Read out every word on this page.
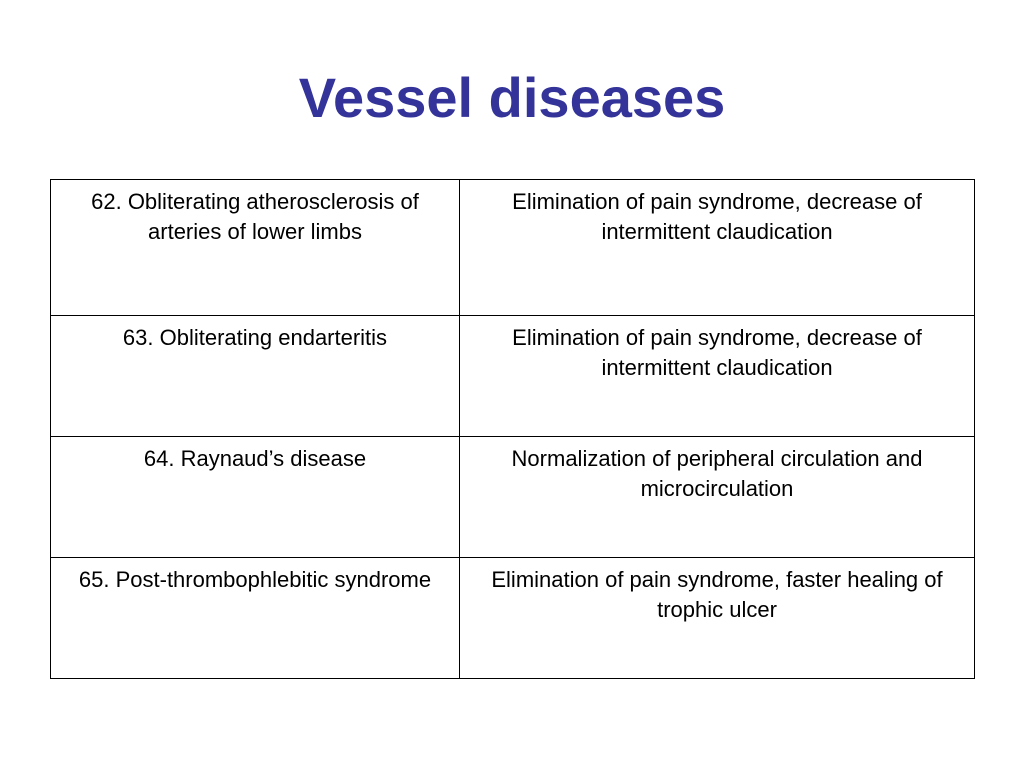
Vessel diseases
62. Obliterating atherosclerosis of arteries of lower limbs	Elimination of pain syndrome, decrease of intermittent claudication
63. Obliterating endarteritis	Elimination of pain syndrome, decrease of intermittent claudication
64. Raynaud’s disease	Normalization of peripheral circulation and microcirculation
65. Post-thrombophlebitic syndrome	Elimination of pain syndrome, faster healing of trophic ulcer
